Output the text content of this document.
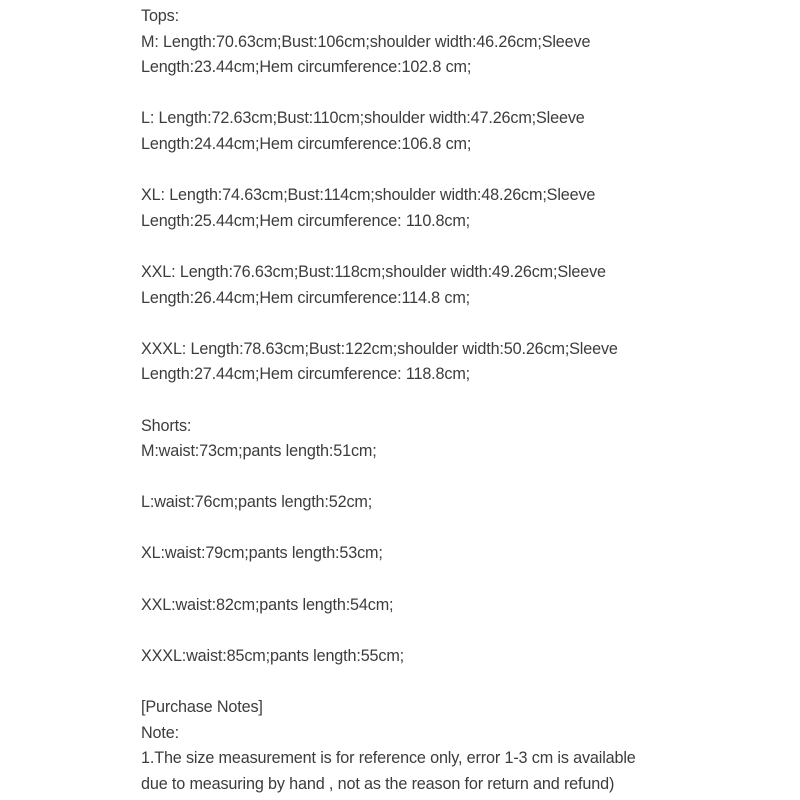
Tops:
M: Length:70.63cm;Bust:106cm;shoulder width:46.26cm;Sleeve
Length:23.44cm;Hem circumference:102.8 cm;
L: Length:72.63cm;Bust:110cm;shoulder width:47.26cm;Sleeve
Length:24.44cm;Hem circumference:106.8 cm;
XL: Length:74.63cm;Bust:114cm;shoulder width:48.26cm;Sleeve
Length:25.44cm;Hem circumference: 110.8cm;
XXL: Length:76.63cm;Bust:118cm;shoulder width:49.26cm;Sleeve
Length:26.44cm;Hem circumference:114.8 cm;
XXXL: Length:78.63cm;Bust:122cm;shoulder width:50.26cm;Sleeve
Length:27.44cm;Hem circumference: 118.8cm;
Shorts:
M:waist:73cm;pants length:51cm;
L:waist:76cm;pants length:52cm;
XL:waist:79cm;pants length:53cm;
XXL:waist:82cm;pants length:54cm;
XXXL:waist:85cm;pants length:55cm;
[Purchase Notes]
Note:
1.The size measurement is for reference only, error 1-3 cm is available
due to measuring by hand , not as the reason for return and refund)
